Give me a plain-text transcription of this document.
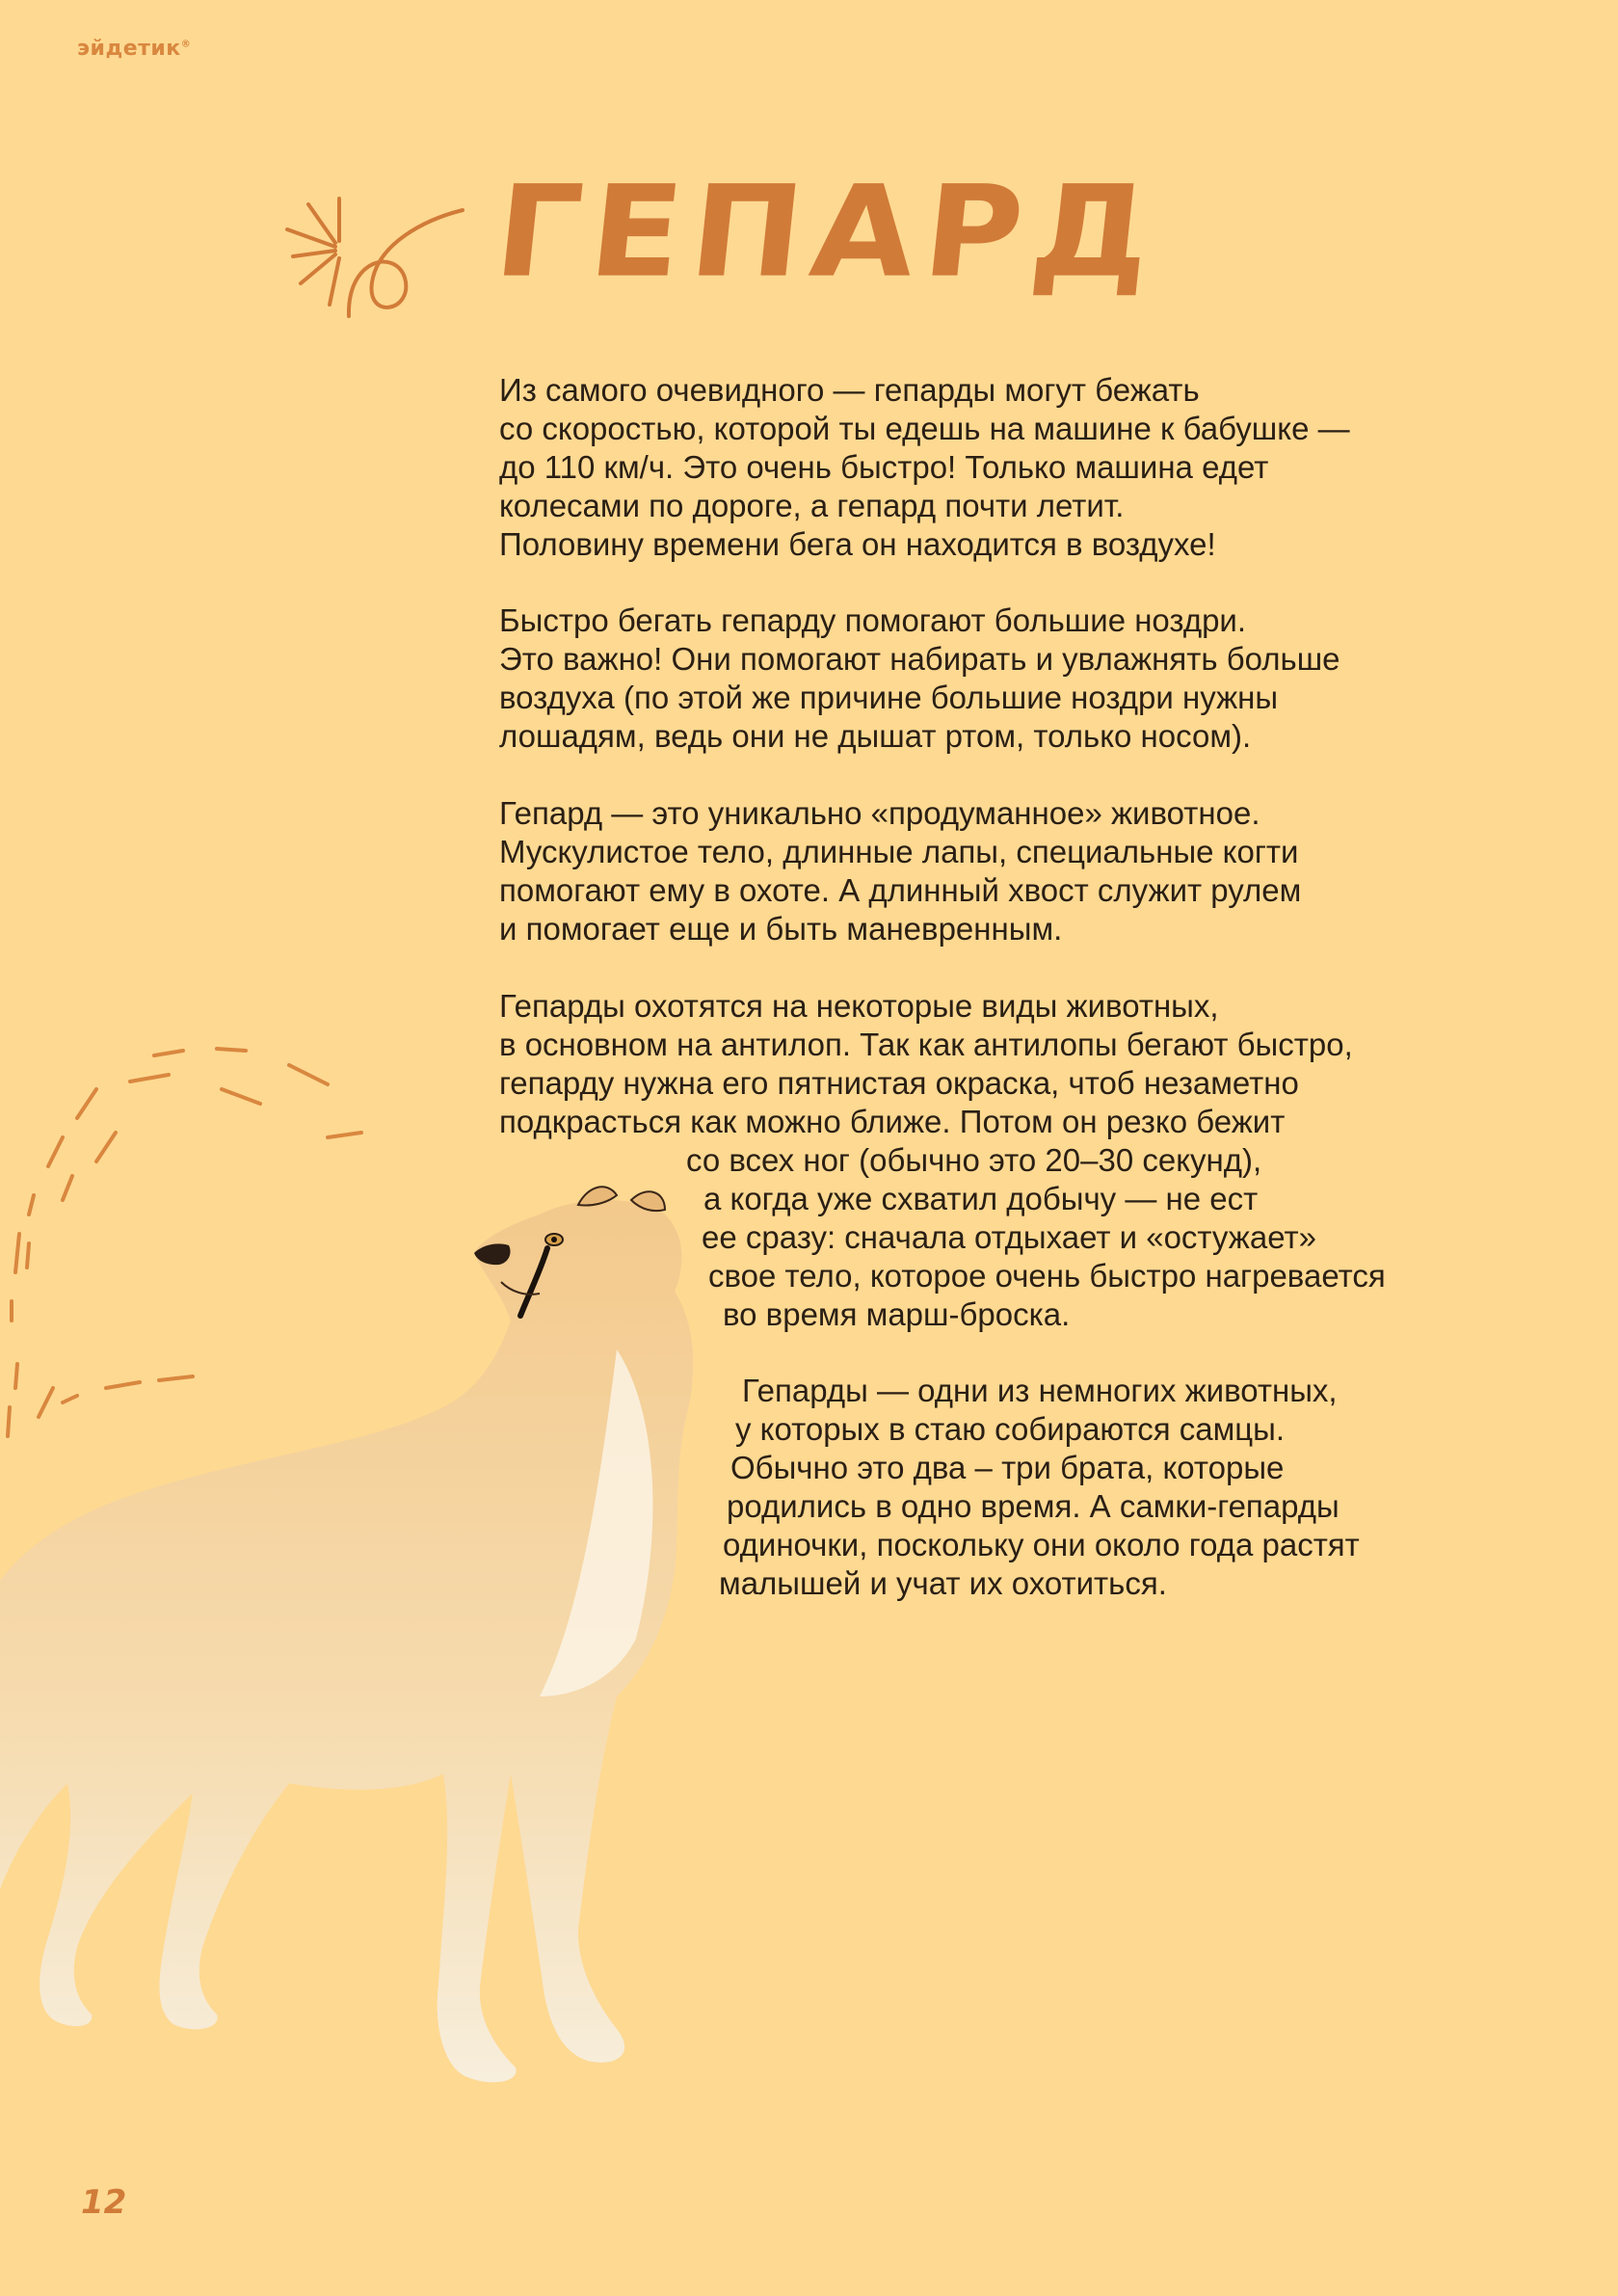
эйдетик®
ГЕПАРД

Из самого очевидного — гепарды могут бежать
со скоростью, которой ты едешь на машине к бабушке —
до 110 км/ч. Это очень быстро! Только машина едет
колесами по дороге, а гепард почти летит.
Половину времени бега он находится в воздухе!

Быстро бегать гепарду помогают большие ноздри.
Это важно! Они помогают набирать и увлажнять больше
воздуха (по этой же причине большие ноздри нужны
лошадям, ведь они не дышат ртом, только носом).

Гепард — это уникально «продуманное» животное.
Мускулистое тело, длинные лапы, специальные когти
помогают ему в охоте. А длинный хвост служит рулем
и помогает еще и быть маневренным.

Гепарды охотятся на некоторые виды животных,
в основном на антилоп. Так как антилопы бегают быстро,
гепарду нужна его пятнистая окраска, чтоб незаметно
подкрасться как можно ближе. Потом он резко бежит
со всех ног (обычно это 20–30 секунд),
а когда уже схватил добычу — не ест
ее сразу: сначала отдыхает и «остужает»
свое тело, которое очень быстро нагревается
во время марш-броска.
Гепарды — одни из немногих животных,
у которых в стаю собираются самцы.
Обычно это два – три брата, которые
родились в одно время. А самки-гепарды
одиночки, поскольку они около года растят
малышей и учат их охотиться.
12
